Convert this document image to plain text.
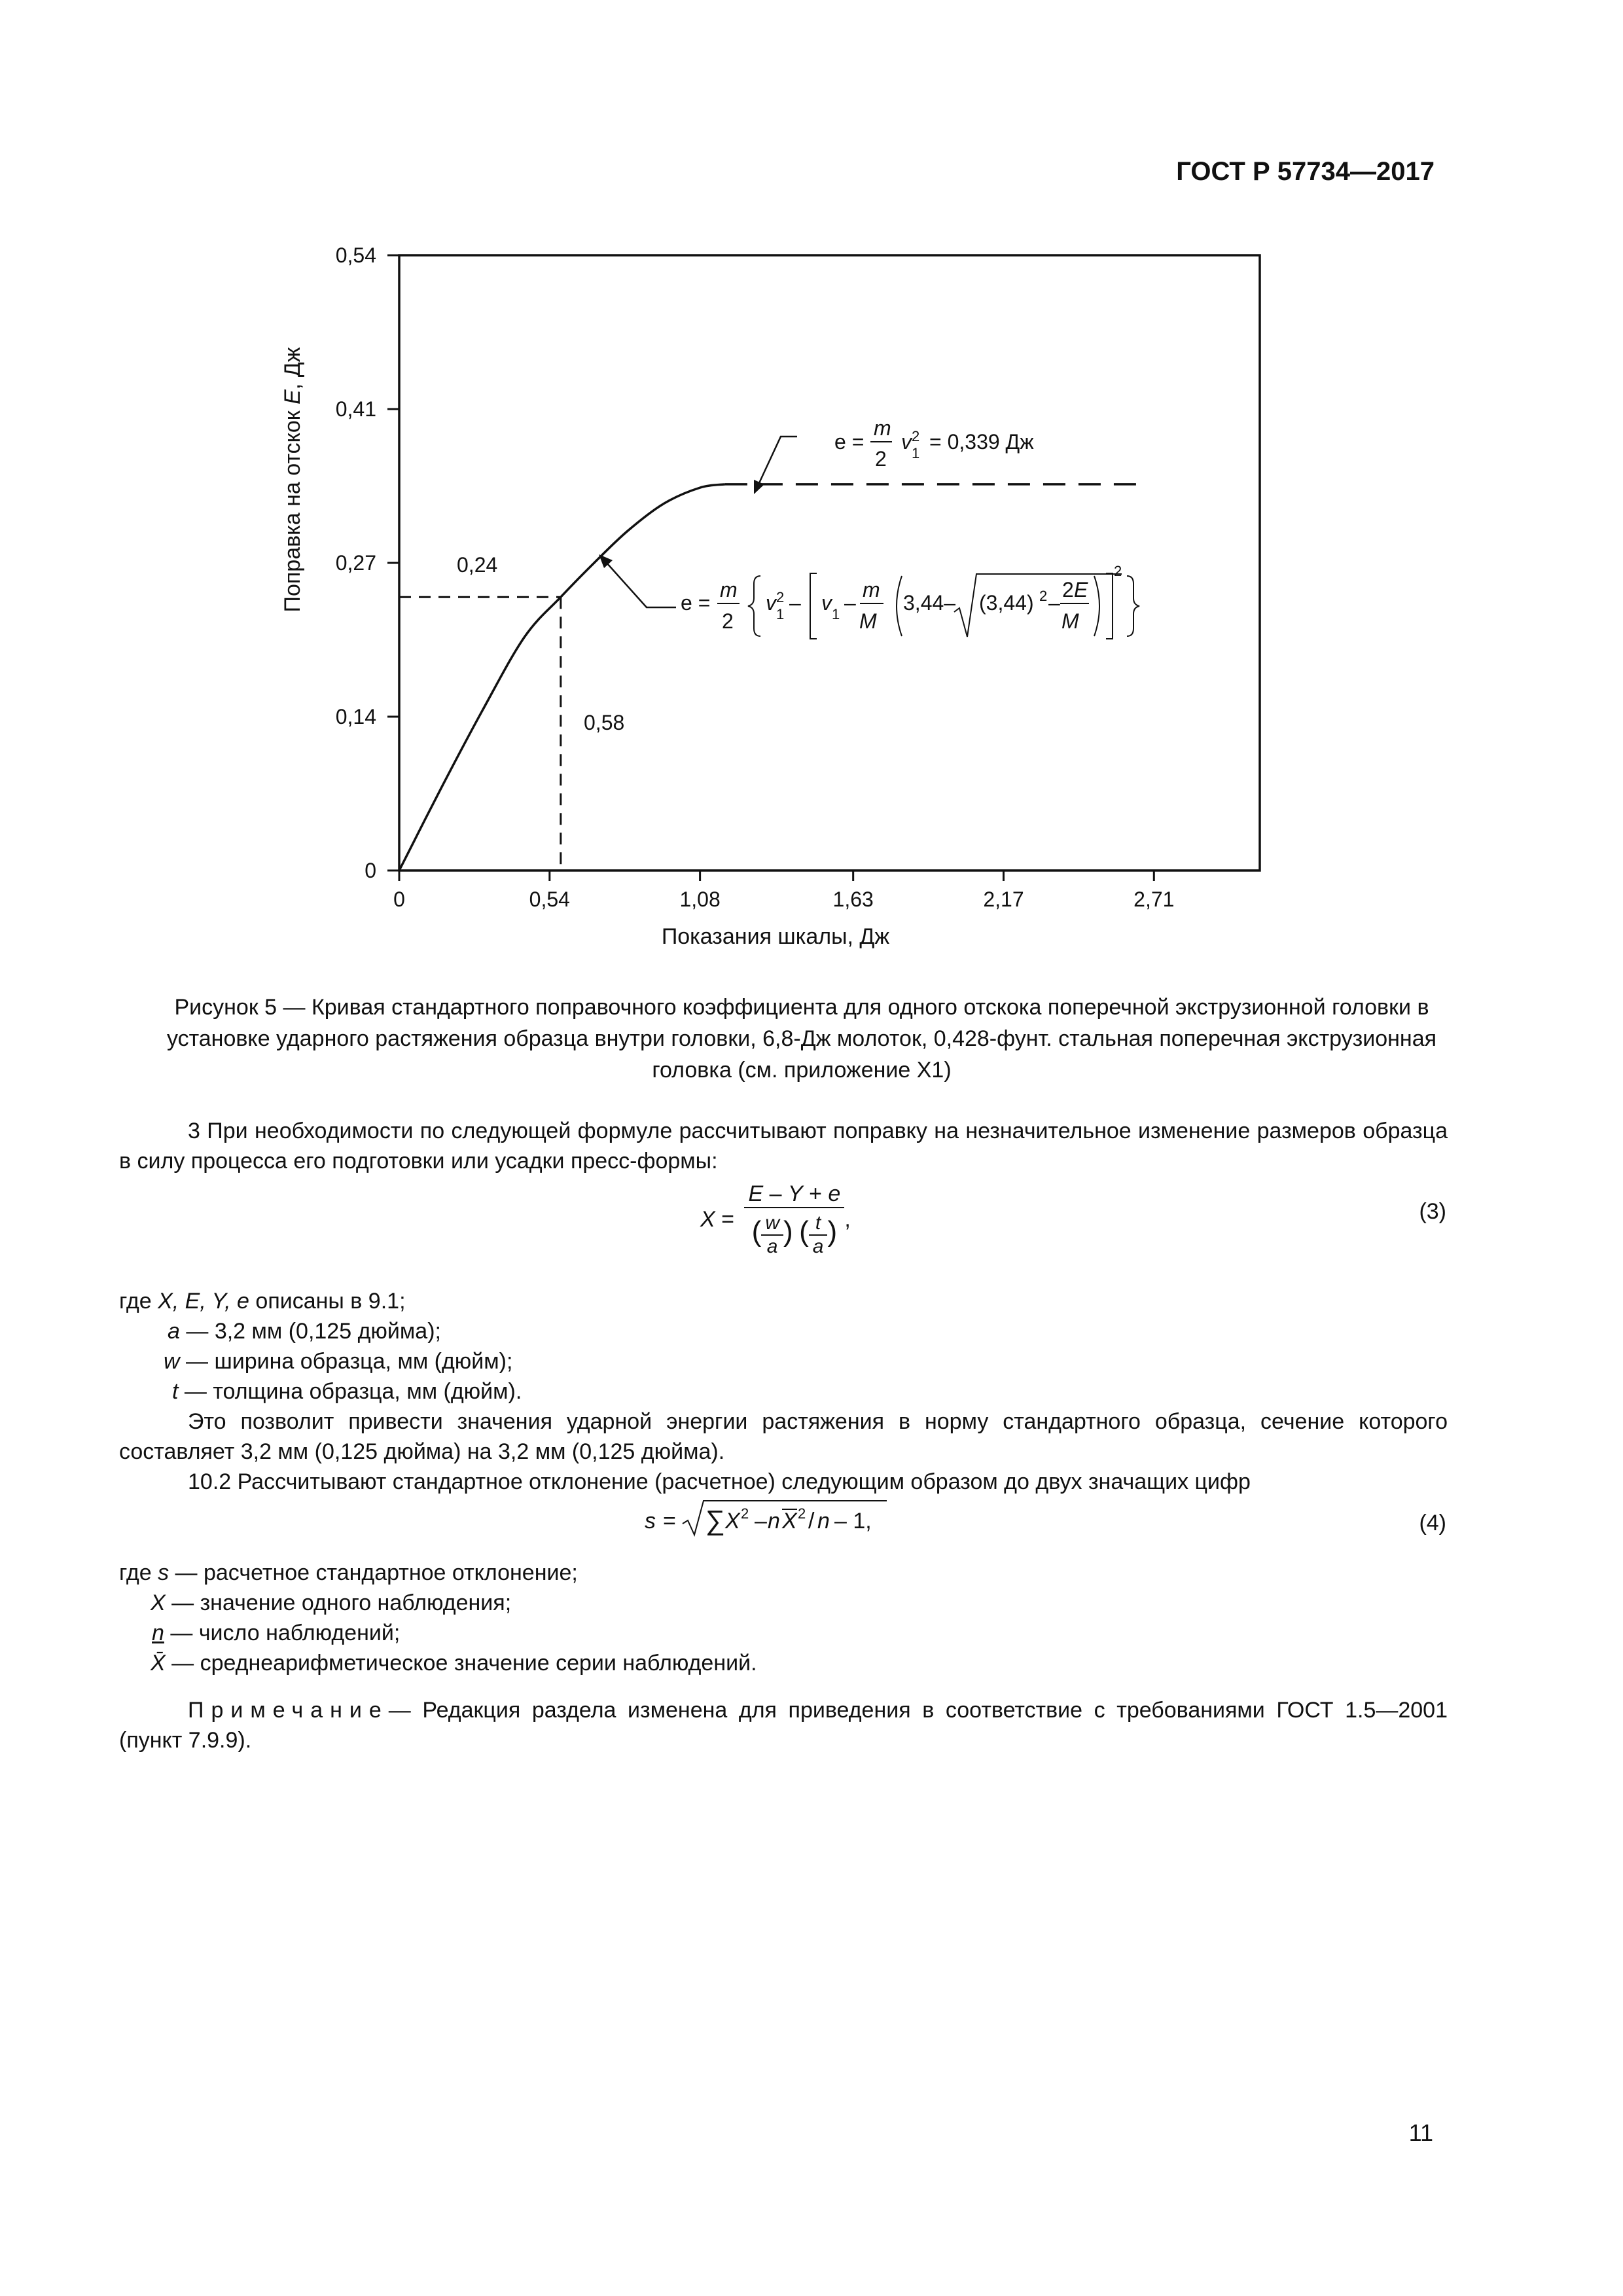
ГОСТ Р 57734—2017
0	0,54	1,08	1,63	2,17	2,71
0
0,14
0,27
0,41
0,54
Показания шкалы, Дж
Поправка на отскок E, Дж
0,24
0,58
e =
m
2
v 2
1 = 0,339 Дж
e =
m
2
v 2
1 – v 1 –
m
M
3,44– (3,44) 2 –
2 E
M
2
Рисунок 5 — Кривая стандартного поправочного коэффициента для одного отскока поперечной экструзионной головки в установке ударного растяжения образца внутри головки, 6,8-Дж молоток, 0,428-фунт. стальная поперечная экструзионная головка (см. приложение X1)
3 При необходимости по следующей формуле рассчитывают поправку на незначительное изменение размеров образца в силу процесса его подготовки или усадки пресс-формы:
$X = \frac{E - Y + e}{( \frac{w}{a} ) ( \frac{t}{a} )}$ ,	(3)
где X, E, Y, e описаны в 9.1;
a — 3,2 мм (0,125 дюйма);
w — ширина образца, мм (дюйм);
t — толщина образца, мм (дюйм).
Это позволит привести значения ударной энергии растяжения в норму стандартного образца, сечение которого составляет 3,2 мм (0,125 дюйма) на 3,2 мм (0,125 дюйма).
10.2 Рассчитывают стандартное отклонение (расчетное) следующим образом до двух значащих цифр
s = ∑ X 2 – n X 2 / n – 1,	(4)
где s — расчетное стандартное отклонение;
X — значение одного наблюдения;
n — число наблюдений;
X̄ — среднеарифметическое значение серии наблюдений.
Примечание— Редакция раздела изменена для приведения в соответствие с требованиями ГОСТ 1.5—2001 (пункт 7.9.9).
11
